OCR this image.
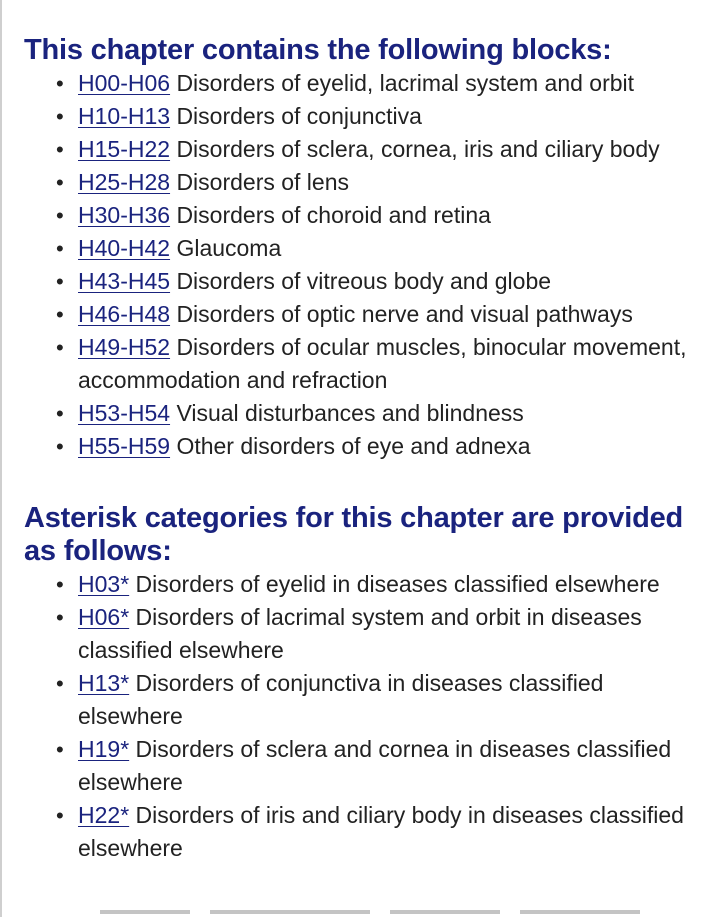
This chapter contains the following blocks:
• H00-H06 Disorders of eyelid, lacrimal system and orbit
• H10-H13 Disorders of conjunctiva
• H15-H22 Disorders of sclera, cornea, iris and ciliary body
• H25-H28 Disorders of lens
• H30-H36 Disorders of choroid and retina
• H40-H42 Glaucoma
• H43-H45 Disorders of vitreous body and globe
• H46-H48 Disorders of optic nerve and visual pathways
• H49-H52 Disorders of ocular muscles, binocular movement, accommodation and refraction
• H53-H54 Visual disturbances and blindness
• H55-H59 Other disorders of eye and adnexa
Asterisk categories for this chapter are provided as follows:
• H03* Disorders of eyelid in diseases classified elsewhere
• H06* Disorders of lacrimal system and orbit in diseases classified elsewhere
• H13* Disorders of conjunctiva in diseases classified elsewhere
• H19* Disorders of sclera and cornea in diseases classified elsewhere
• H22* Disorders of iris and ciliary body in diseases classified elsewhere
